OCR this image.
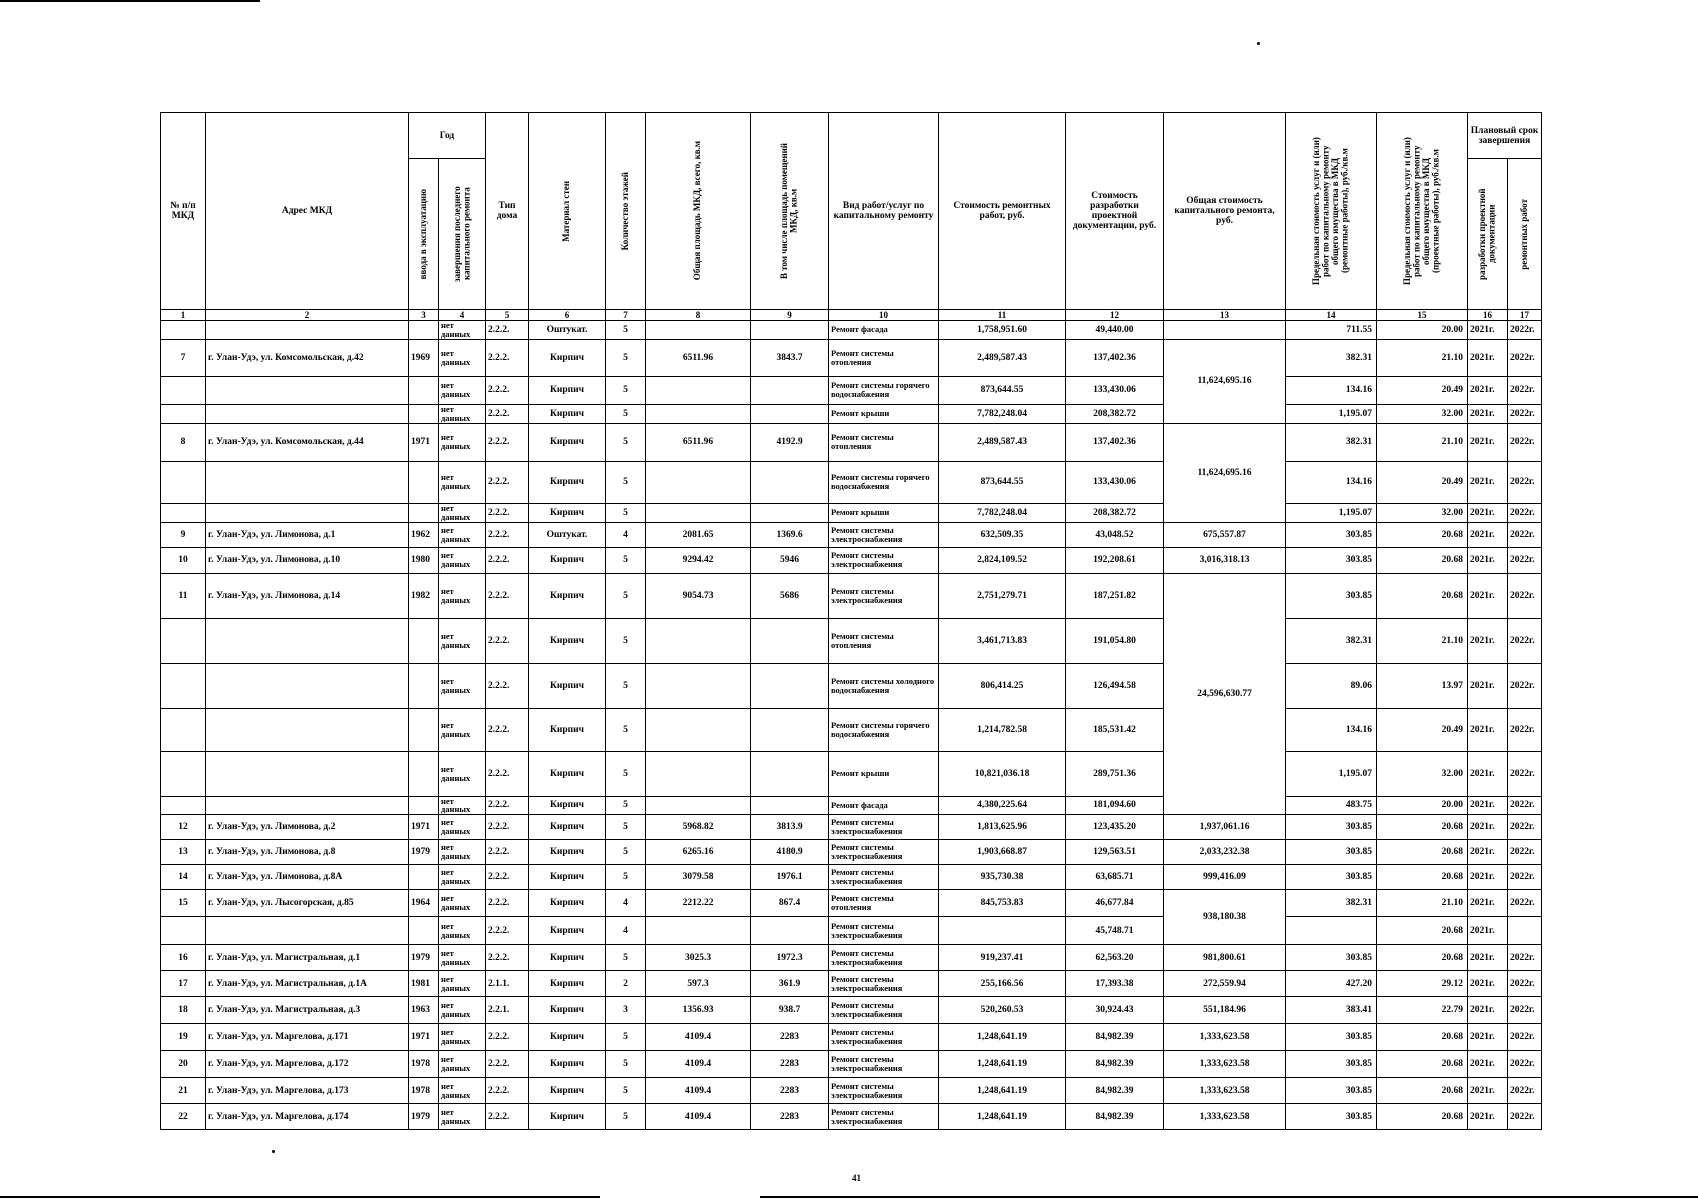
№ п/п МКД	Адрес МКД	Год		Тип дома	Материал стен	Количество этажей	Общая площадь МКД, всего, кв.м	В том числе площадь помещений МКД, кв.м	Вид работ/услуг по капитальному ремонту	Стоимость ремонтных работ, руб.	Стоимость разработки проектной документации, руб.	Общая стоимость капитального ремонта, руб.	Предельная стоимость услуг и (или) работ по капитальному ремонту общего имущества в МКД (ремонтные работы), руб./кв.м	Предельная стоимость услуг и (или) работ по капитальному ремонту общего имущества в МКД (проектные работы), руб./кв.м	Плановый срок завершения	

		ввода в эксплуатацию	завершения последнего капитального ремонта												разработки проектной документации	ремонтных работ

1	2	3	4	5	6	7	8	9	10	11	12	13	14	15	16	17
			нет данных	2.2.2.	Оштукат.	5			Ремонт фасада	1,758,951.60	49,440.00		711.55	20.00	2021г.	2022г.
7	г. Улан-Удэ, ул. Комсомольская, д.42	1969	нет данных	2.2.2.	Кирпич	5	6511.96	3843.7	Ремонт системы отопления	2,489,587.43	137,402.36	11,624,695.16	382.31	21.10	2021г.	2022г.
			нет данных	2.2.2.	Кирпич	5			Ремонт системы горячего водоснабжения	873,644.55	133,430.06		134.16	20.49	2021г.	2022г.
			нет данных	2.2.2.	Кирпич	5			Ремонт крыши	7,782,248.04	208,382.72		1,195.07	32.00	2021г.	2022г.
8	г. Улан-Удэ, ул. Комсомольская, д.44	1971	нет данных	2.2.2.	Кирпич	5	6511.96	4192.9	Ремонт системы отопления	2,489,587.43	137,402.36	11,624,695.16	382.31	21.10	2021г.	2022г.
			нет данных	2.2.2.	Кирпич	5			Ремонт системы горячего водоснабжения	873,644.55	133,430.06		134.16	20.49	2021г.	2022г.
			нет данных	2.2.2.	Кирпич	5			Ремонт крыши	7,782,248.04	208,382.72		1,195.07	32.00	2021г.	2022г.
9	г. Улан-Удэ, ул. Лимонова, д.1	1962	нет данных	2.2.2.	Оштукат.	4	2081.65	1369.6	Ремонт системы электроснабжения	632,509.35	43,048.52	675,557.87	303.85	20.68	2021г.	2022г.
10	г. Улан-Удэ, ул. Лимонова, д.10	1980	нет данных	2.2.2.	Кирпич	5	9294.42	5946	Ремонт системы электроснабжения	2,824,109.52	192,208.61	3,016,318.13	303.85	20.68	2021г.	2022г.
11	г. Улан-Удэ, ул. Лимонова, д.14	1982	нет данных	2.2.2.	Кирпич	5	9054.73	5686	Ремонт системы электроснабжения	2,751,279.71	187,251.82	24,596,630.77	303.85	20.68	2021г.	2022г.
			нет данных	2.2.2.	Кирпич	5			Ремонт системы отопления	3,461,713.83	191,054.80		382.31	21.10	2021г.	2022г.
			нет данных	2.2.2.	Кирпич	5			Ремонт системы холодного водоснабжения	806,414.25	126,494.58		89.06	13.97	2021г.	2022г.
			нет данных	2.2.2.	Кирпич	5			Ремонт системы горячего водоснабжения	1,214,782.58	185,531.42		134.16	20.49	2021г.	2022г.
			нет данных	2.2.2.	Кирпич	5			Ремонт крыши	10,821,036.18	289,751.36		1,195.07	32.00	2021г.	2022г.
			нет данных	2.2.2.	Кирпич	5			Ремонт фасада	4,380,225.64	181,094.60		483.75	20.00	2021г.	2022г.
12	г. Улан-Удэ, ул. Лимонова, д.2	1971	нет данных	2.2.2.	Кирпич	5	5968.82	3813.9	Ремонт системы электроснабжения	1,813,625.96	123,435.20	1,937,061.16	303.85	20.68	2021г.	2022г.
13	г. Улан-Удэ, ул. Лимонова, д.8	1979	нет данных	2.2.2.	Кирпич	5	6265.16	4180.9	Ремонт системы электроснабжения	1,903,668.87	129,563.51	2,033,232.38	303.85	20.68	2021г.	2022г.
14	г. Улан-Удэ, ул. Лимонова, д.8А		нет данных	2.2.2.	Кирпич	5	3079.58	1976.1	Ремонт системы электроснабжения	935,730.38	63,685.71	999,416.09	303.85	20.68	2021г.	2022г.
15	г. Улан-Удэ, ул. Лысогорская, д.85	1964	нет данных	2.2.2.	Кирпич	4	2212.22	867.4	Ремонт системы отопления	845,753.83	46,677.84	938,180.38	382.31	21.10	2021г.	2022г.
			нет данных	2.2.2.	Кирпич	4			Ремонт системы электроснабжения		45,748.71			20.68	2021г.	
16	г. Улан-Удэ, ул. Магистральная, д.1	1979	нет данных	2.2.2.	Кирпич	5	3025.3	1972.3	Ремонт системы электроснабжения	919,237.41	62,563.20	981,800.61	303.85	20.68	2021г.	2022г.
17	г. Улан-Удэ, ул. Магистральная, д.1А	1981	нет данных	2.1.1.	Кирпич	2	597.3	361.9	Ремонт системы электроснабжения	255,166.56	17,393.38	272,559.94	427.20	29.12	2021г.	2022г.
18	г. Улан-Удэ, ул. Магистральная, д.3	1963	нет данных	2.2.1.	Кирпич	3	1356.93	938.7	Ремонт системы электроснабжения	520,260.53	30,924.43	551,184.96	383.41	22.79	2021г.	2022г.
19	г. Улан-Удэ, ул. Маргелова, д.171	1971	нет данных	2.2.2.	Кирпич	5	4109.4	2283	Ремонт системы электроснабжения	1,248,641.19	84,982.39	1,333,623.58	303.85	20.68	2021г.	2022г.
20	г. Улан-Удэ, ул. Маргелова, д.172	1978	нет данных	2.2.2.	Кирпич	5	4109.4	2283	Ремонт системы электроснабжения	1,248,641.19	84,982.39	1,333,623.58	303.85	20.68	2021г.	2022г.
21	г. Улан-Удэ, ул. Маргелова, д.173	1978	нет данных	2.2.2.	Кирпич	5	4109.4	2283	Ремонт системы электроснабжения	1,248,641.19	84,982.39	1,333,623.58	303.85	20.68	2021г.	2022г.
22	г. Улан-Удэ, ул. Маргелова, д.174	1979	нет данных	2.2.2.	Кирпич	5	4109.4	2283	Ремонт системы электроснабжения	1,248,641.19	84,982.39	1,333,623.58	303.85	20.68	2021г.	2022г.
41
